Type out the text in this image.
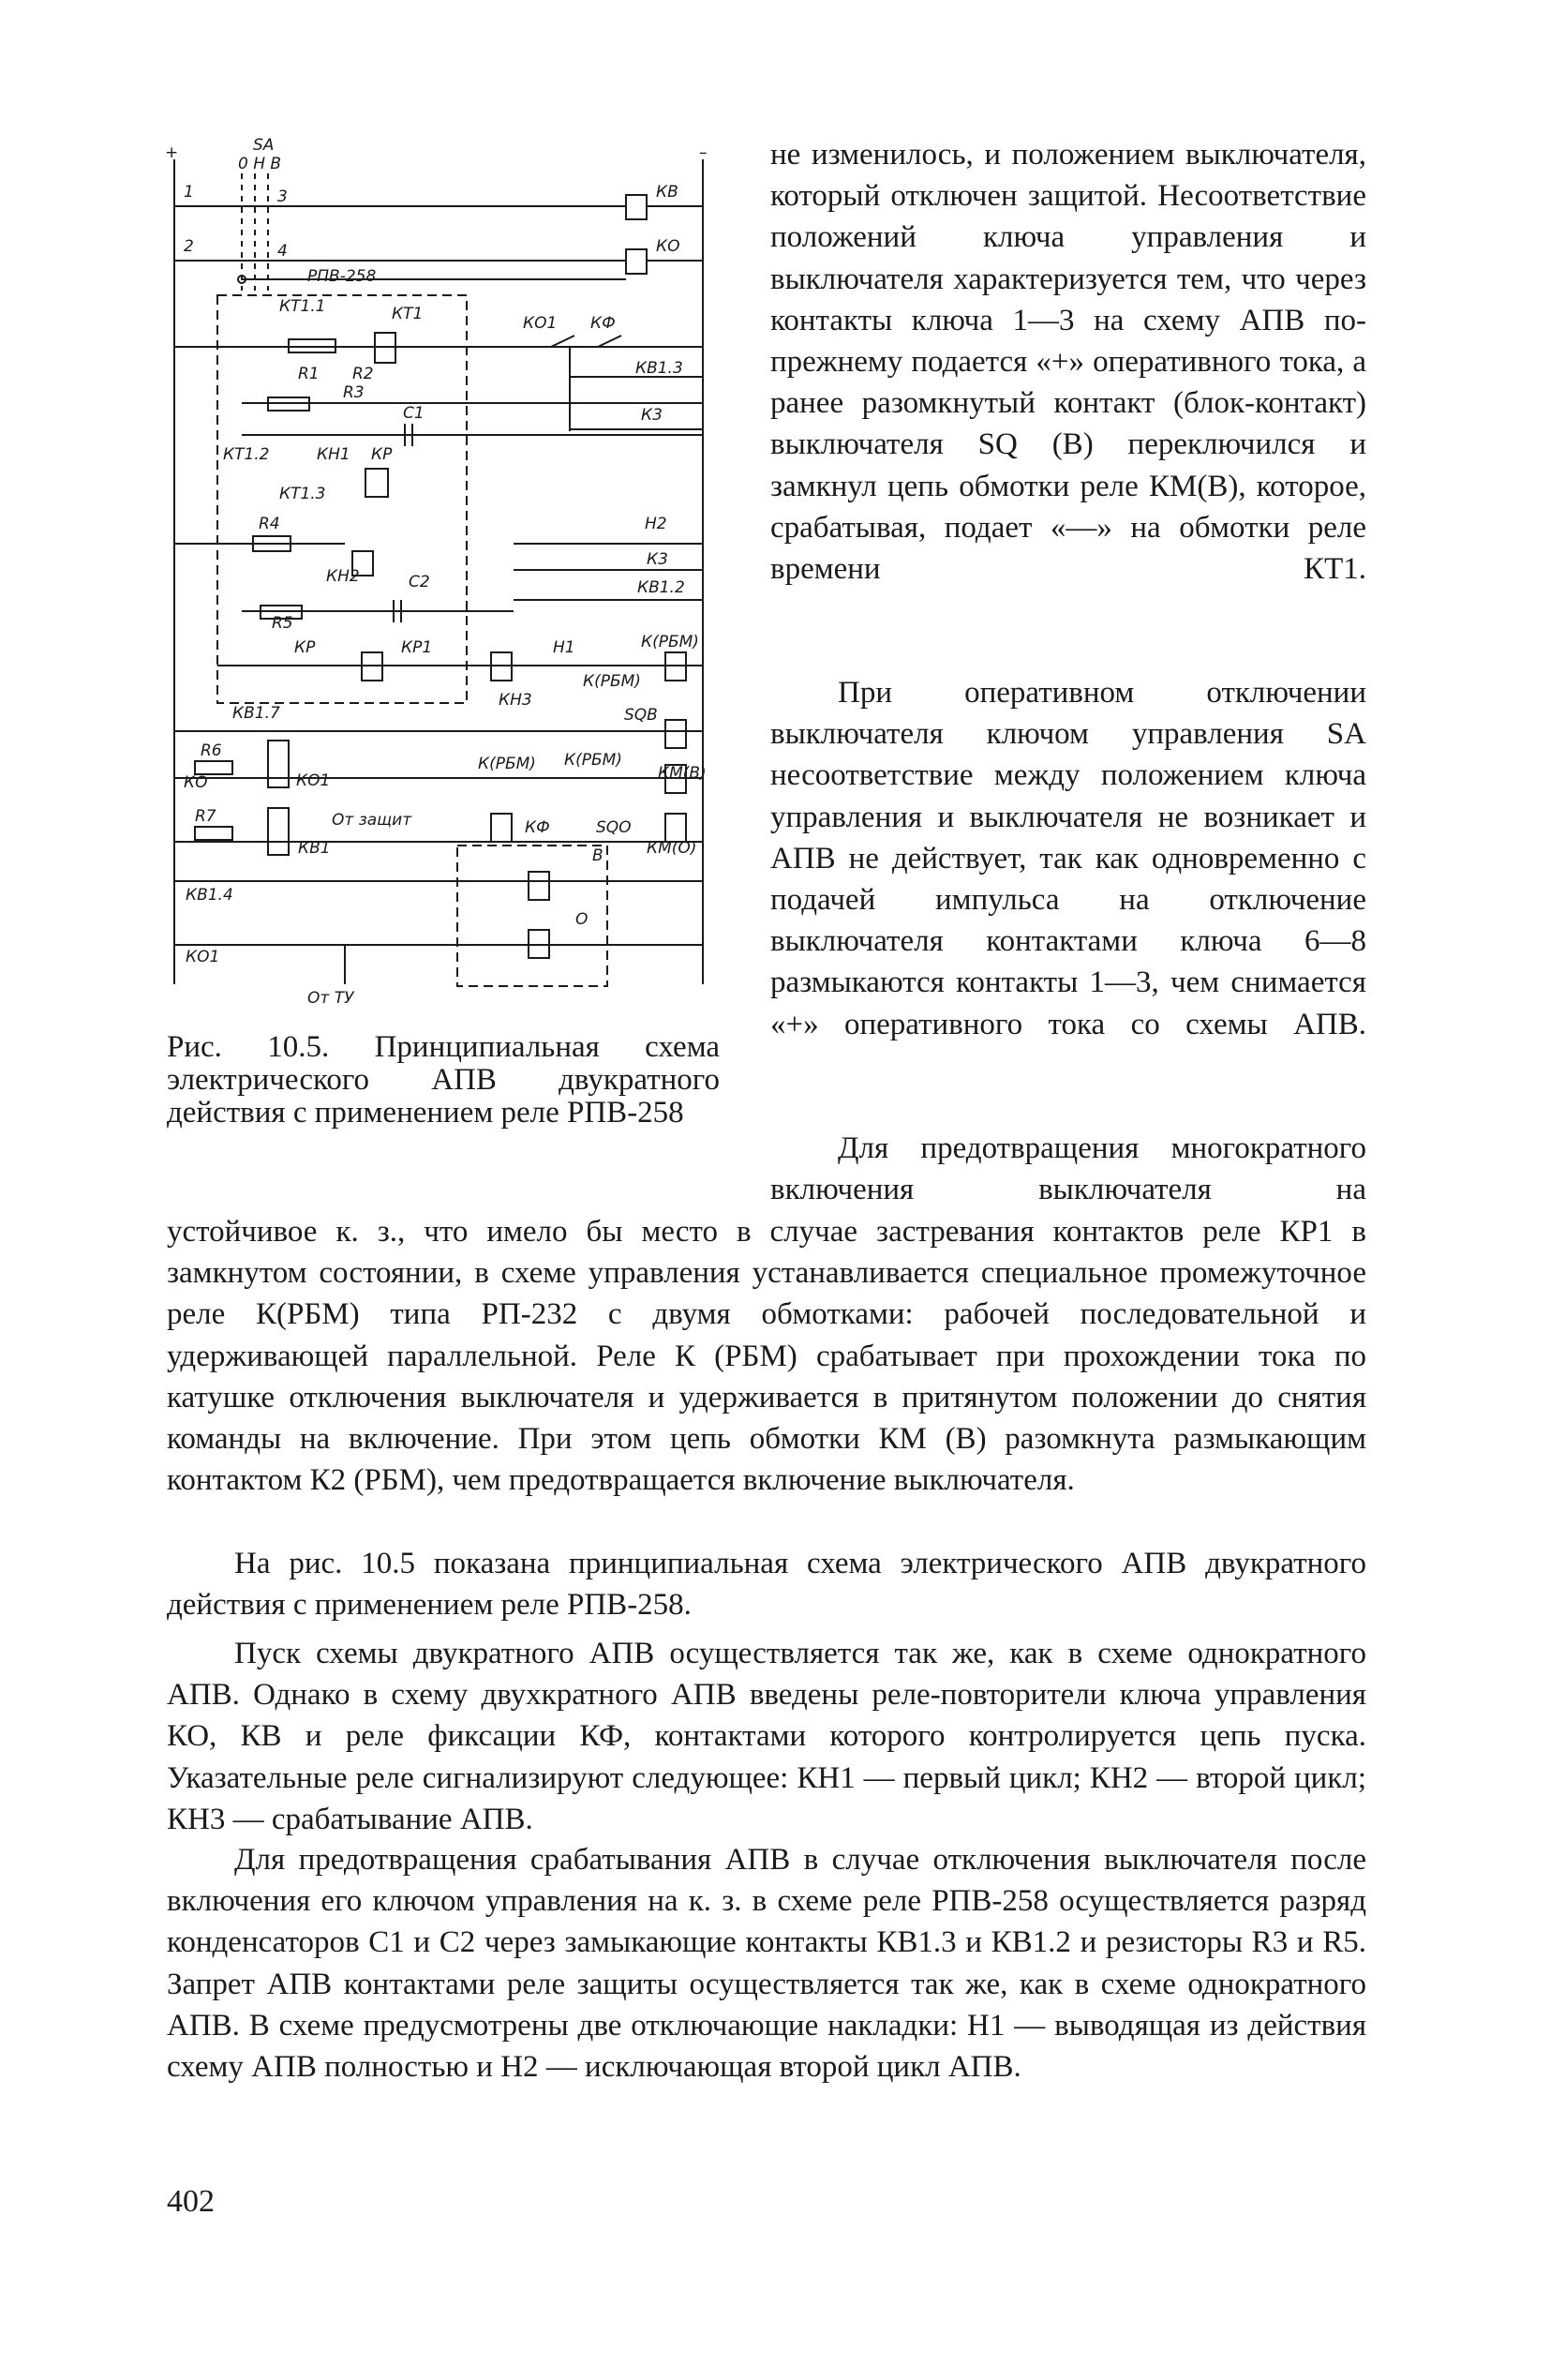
+	–
SA
0 Н В
1	3	КВ
2	4	КО
РПВ-258
КТ1.1	КТ1
R1 R2
КО1 КФ
КВ1.3
К3
R3
С1
КТ1.2	КН1 КР
КТ1.3
R4
КН2	С2
Н2
К3
КВ1.2
R5
КР	КР1
КН3
Н1	К(РБМ)
К(РБМ)
КВ1.7	SQВ
R6
КО	КО1
К(РБМ) К(РБМ)
КМ(В)
R7
КВ1
От защит	КФ	SQО
КМ(О)
В
КВ1.4
О
КО1
От ТУ
Рис. 10.5. Принципиальная схема электрического АПВ двукратного действия с применением реле РПВ-258
не изменилось, и положением выключателя, который отключен защитой. Несоответствие положений ключа управления и выключателя характеризуется тем, что через контакты ключа 1—3 на схему АПВ по-прежнему подается «+» оперативного тока, а ранее разомкнутый контакт (блок-контакт) выключателя SQ (В) переключился и замкнул цепь обмотки реле КМ(В), которое, срабатывая, подает «—» на обмотки реле времени КТ1.
При оперативном отключении выключателя ключом управления SA несоответствие между положением ключа управления и выключателя не возникает и АПВ не действует, так как одновременно с подачей импульса на отключение выключателя контактами ключа 6—8 размыкаются контакты 1—3, чем снимается «+» оперативного тока со схемы АПВ.
Для предотвращения многократного включения выключателя на
устойчивое к. з., что имело бы место в случае застревания контактов реле КР1 в замкнутом состоянии, в схеме управления устанавливается специальное промежуточное реле К(РБМ) типа РП-232 с двумя обмотками: рабочей последовательной и удерживающей параллельной. Реле К (РБМ) срабатывает при прохождении тока по катушке отключения выключателя и удерживается в притянутом положении до снятия команды на включение. При этом цепь обмотки КМ (В) разомкнута размыкающим контактом К2 (РБМ), чем предотвращается включение выключателя.
На рис. 10.5 показана принципиальная схема электрического АПВ двукратного действия с применением реле РПВ-258.
Пуск схемы двукратного АПВ осуществляется так же, как в схеме однократного АПВ. Однако в схему двухкратного АПВ введены реле-повторители ключа управления КО, КВ и реле фиксации КФ, контактами которого контролируется цепь пуска. Указательные реле сигнализируют следующее: КН1 — первый цикл; КН2 — второй цикл; КН3 — срабатывание АПВ.
Для предотвращения срабатывания АПВ в случае отключения выключателя после включения его ключом управления на к. з. в схеме реле РПВ-258 осуществляется разряд конденсаторов С1 и С2 через замыкающие контакты КВ1.3 и КВ1.2 и резисторы R3 и R5. Запрет АПВ контактами реле защиты осуществляется так же, как в схеме однократного АПВ. В схеме предусмотрены две отключающие накладки: Н1 — выводящая из действия схему АПВ полностью и Н2 — исключающая второй цикл АПВ.
402
